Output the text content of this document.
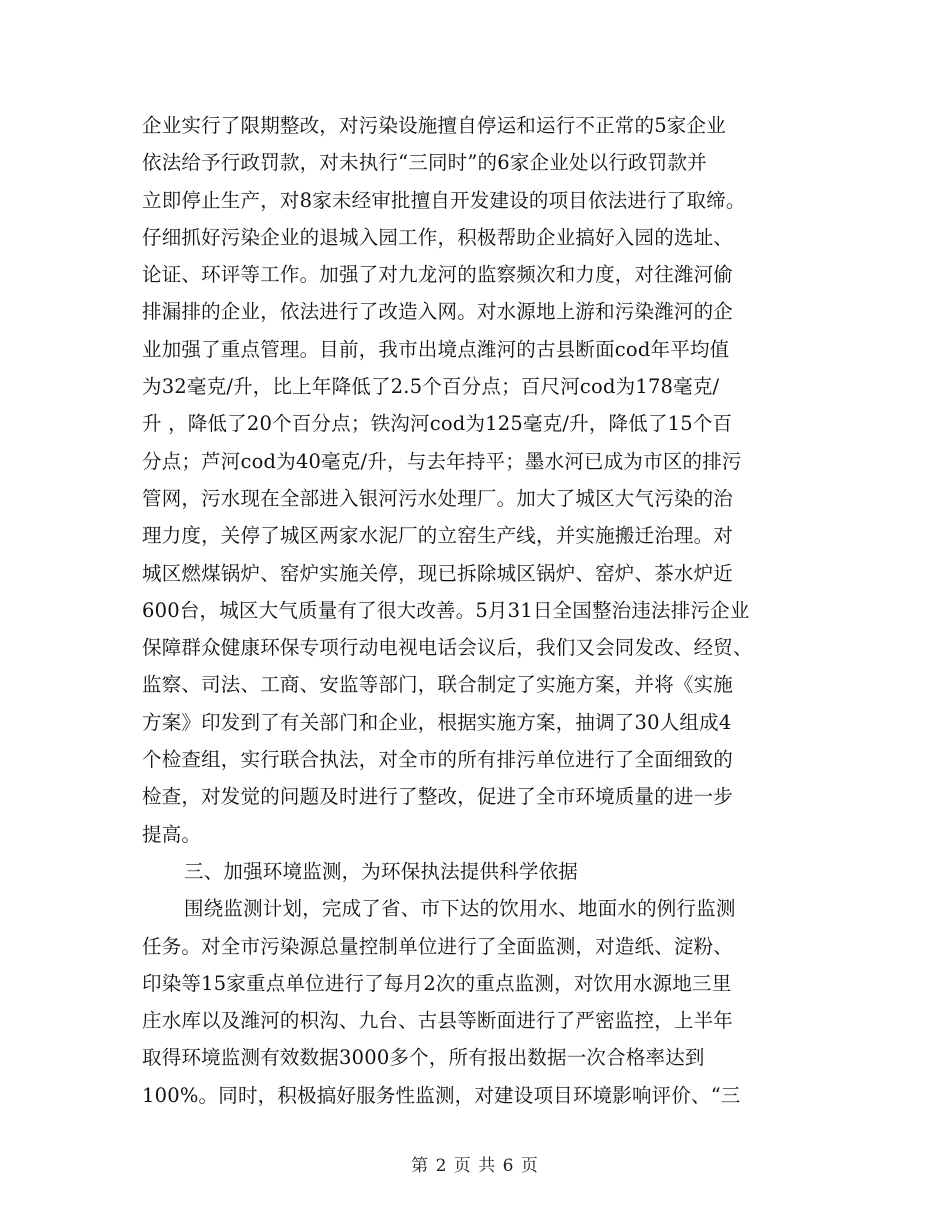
企业实行了限期整改，对污染设施擅自停运和运行不正常的5家企业
依法给予行政罚款，对未执行“三同时”的6家企业处以行政罚款并
立即停止生产，对8家未经审批擅自开发建设的项目依法进行了取缔。
仔细抓好污染企业的退城入园工作，积极帮助企业搞好入园的选址、
论证、环评等工作。加强了对九龙河的监察频次和力度，对往潍河偷
排漏排的企业，依法进行了改造入网。对水源地上游和污染潍河的企
业加强了重点管理。目前，我市出境点潍河的古县断面cod年平均值
为32毫克/升，比上年降低了2.5个百分点；百尺河cod为178毫克/
升 ，降低了20个百分点；铁沟河cod为125毫克/升，降低了15个百
分点；芦河cod为40毫克/升，与去年持平；墨水河已成为市区的排污
管网，污水现在全部进入银河污水处理厂。加大了城区大气污染的治
理力度，关停了城区两家水泥厂的立窑生产线，并实施搬迁治理。对
城区燃煤锅炉、窑炉实施关停，现已拆除城区锅炉、窑炉、茶水炉近
600台，城区大气质量有了很大改善。5月31日全国整治违法排污企业
保障群众健康环保专项行动电视电话会议后，我们又会同发改、经贸、
监察、司法、工商、安监等部门，联合制定了实施方案，并将《实施
方案》印发到了有关部门和企业，根据实施方案，抽调了30人组成4
个检查组，实行联合执法，对全市的所有排污单位进行了全面细致的
检查，对发觉的问题及时进行了整改，促进了全市环境质量的进一步
提高。
三、加强环境监测，为环保执法提供科学依据
围绕监测计划，完成了省、市下达的饮用水、地面水的例行监测
任务。对全市污染源总量控制单位进行了全面监测，对造纸、淀粉、
印染等15家重点单位进行了每月2次的重点监测，对饮用水源地三里
庄水库以及潍河的枳沟、九台、古县等断面进行了严密监控，上半年
取得环境监测有效数据3000多个，所有报出数据一次合格率达到
100%。同时，积极搞好服务性监测，对建设项目环境影响评价、“三
第 2 页 共 6 页
